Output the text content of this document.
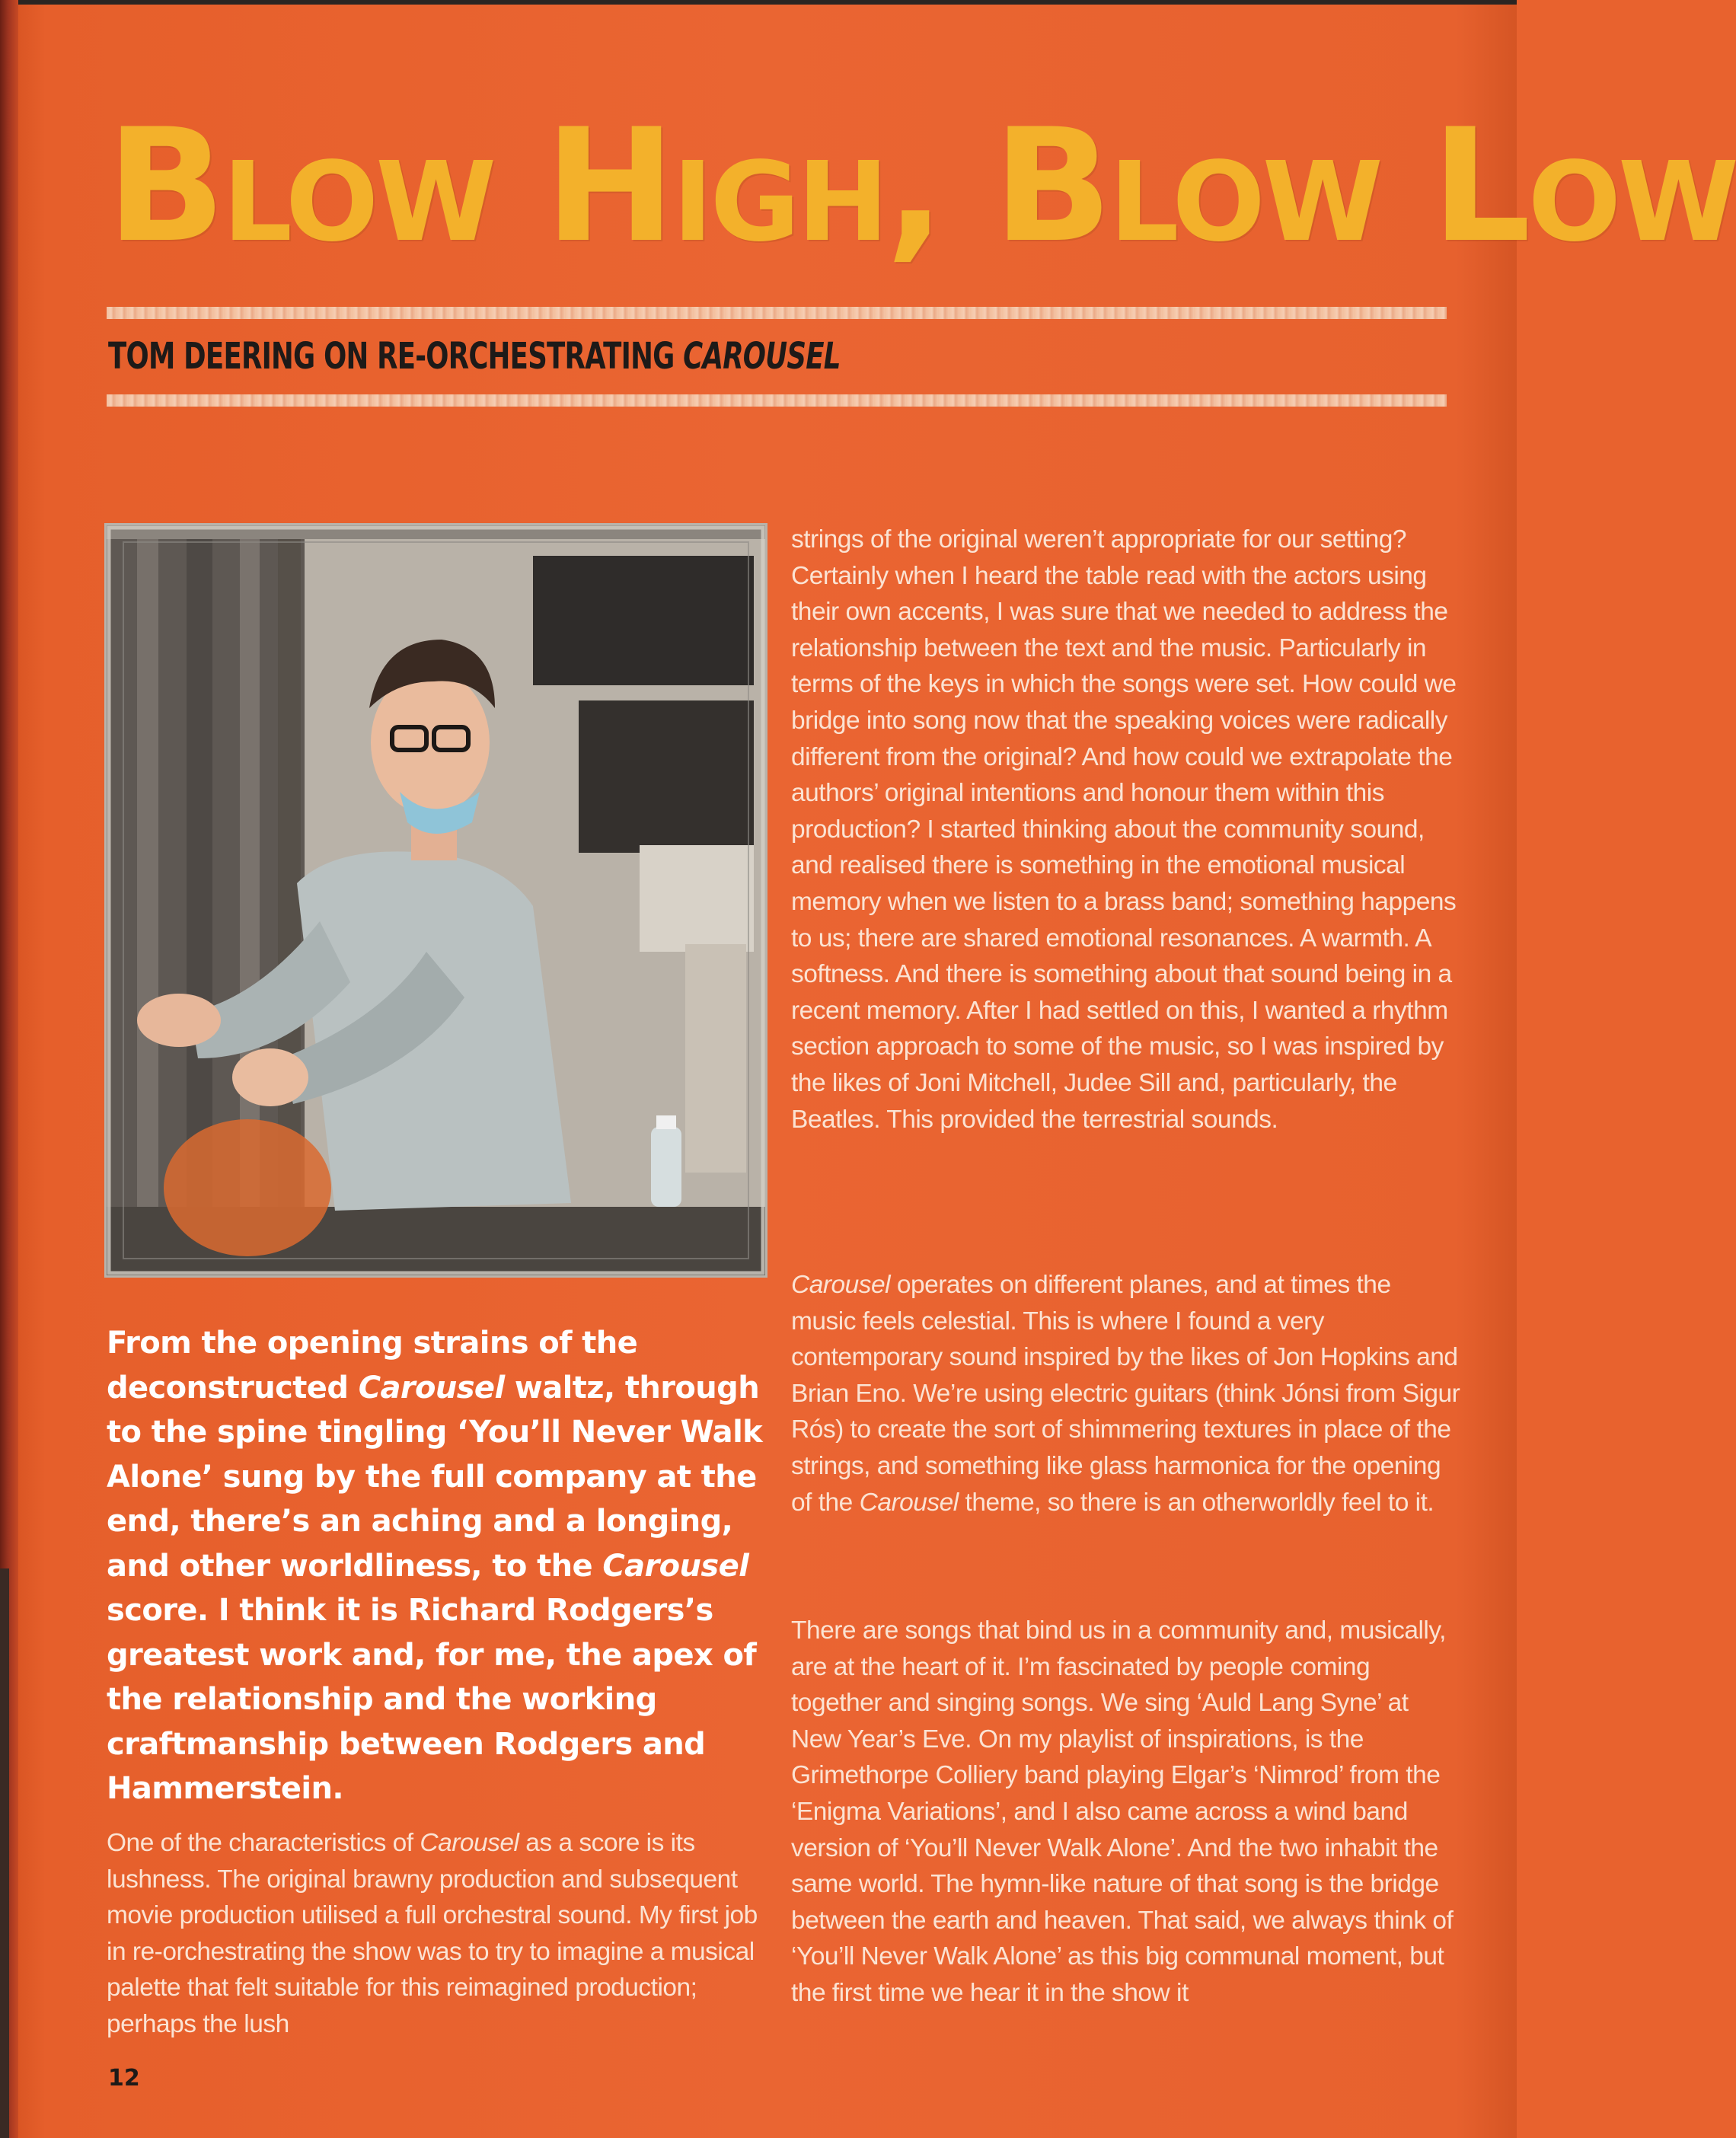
Blow High, Blow Low
TOM DEERING ON RE-ORCHESTRATING CAROUSEL

From the opening strains of the deconstructed Carousel waltz, through to the spine tingling ‘You’ll Never Walk Alone’ sung by the full company at the end, there’s an aching and a longing, and other worldliness, to the Carousel score. I think it is Richard Rodgers’s greatest work and, for me, the apex of the relationship and the working craftmanship between Rodgers and Hammerstein.

One of the characteristics of Carousel as a score is its lushness. The original brawny production and subsequent movie production utilised a full orchestral sound. My first job in re-orchestrating the show was to try to imagine a musical palette that felt suitable for this reimagined production; perhaps the lush

strings of the original weren’t appropriate for our setting? Certainly when I heard the table read with the actors using their own accents, I was sure that we needed to address the relationship between the text and the music. Particularly in terms of the keys in which the songs were set. How could we bridge into song now that the speaking voices were radically different from the original? And how could we extrapolate the authors’ original intentions and honour them within this production? I started thinking about the community sound, and realised there is something in the emotional musical memory when we listen to a brass band; something happens to us; there are shared emotional resonances. A warmth. A softness. And there is something about that sound being in a recent memory. After I had settled on this, I wanted a rhythm section approach to some of the music, so I was inspired by the likes of Joni Mitchell, Judee Sill and, particularly, the Beatles. This provided the terrestrial sounds.

Carousel operates on different planes, and at times the music feels celestial. This is where I found a very contemporary sound inspired by the likes of Jon Hopkins and Brian Eno. We’re using electric guitars (think Jónsi from Sigur Rós) to create the sort of shimmering textures in place of the strings, and something like glass harmonica for the opening of the Carousel theme, so there is an otherworldly feel to it.

There are songs that bind us in a community and, musically, are at the heart of it. I’m fascinated by people coming together and singing songs. We sing ‘Auld Lang Syne’ at New Year’s Eve. On my playlist of inspirations, is the Grimethorpe Colliery band playing Elgar’s ‘Nimrod’ from the ‘Enigma Variations’, and I also came across a wind band version of ‘You’ll Never Walk Alone’. And the two inhabit the same world. The hymn-like nature of that song is the bridge between the earth and heaven. That said, we always think of ‘You’ll Never Walk Alone’ as this big communal moment, but the first time we hear it in the show it

12
